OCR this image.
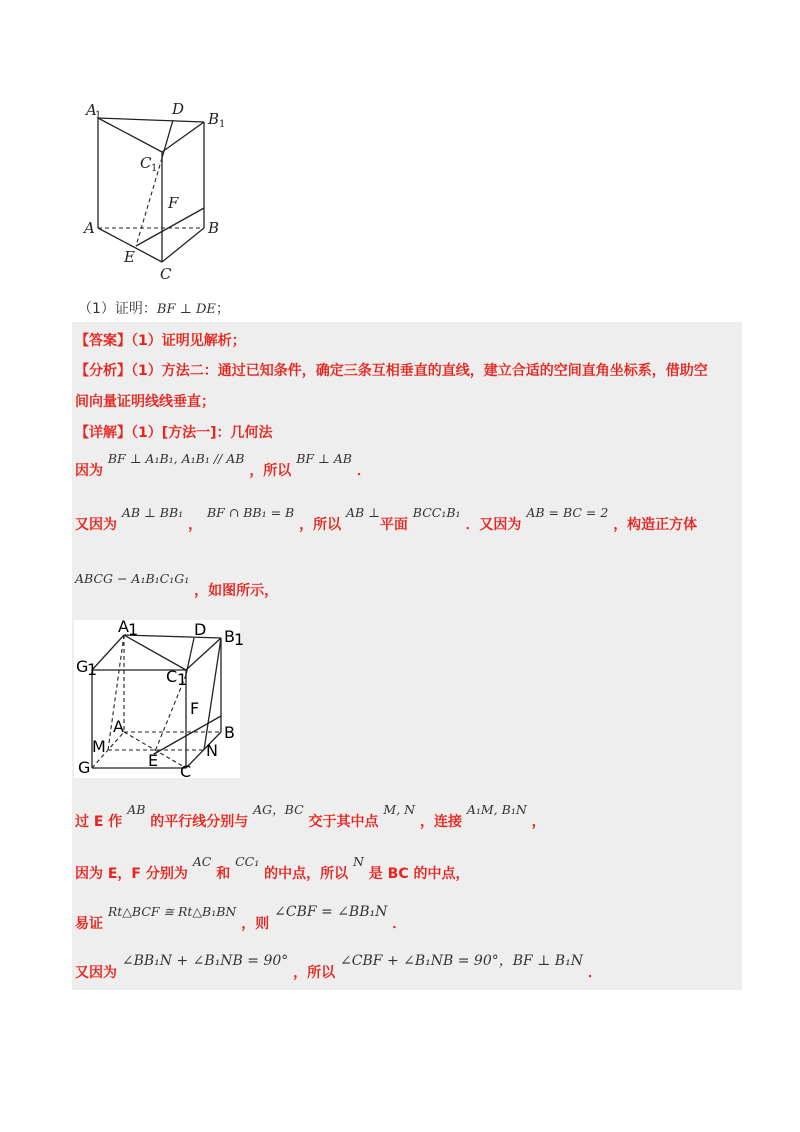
A
1	D
B 1
C 1
F
A	B
E
C
（1）证明：BF ⊥ DE；
【答案】（1）证明见解析；
【分析】（1）方法二：通过已知条件，确定三条互相垂直的直线，建立合适的空间直角坐标系，借助空
间向量证明线线垂直；
【详解】（1）[方法一]：几何法
因为 BF ⊥ A₁B₁, A₁B₁ // AB ，所以 BF ⊥ AB ．
又因为 AB ⊥ BB₁ ， BF ∩ BB₁ = B ，所以 AB ⊥平面 BCC₁B₁ ．又因为 AB = BC = 2 ，构造正方体
ABCG − A₁B₁C₁G₁ ，如图所示，
A 1	D B 1
G
1	C 1
F
A	B
M	N
E
G	C
过 E 作 AB 的平行线分别与 AG，BC 交于其中点 M, N ，连接 A₁M, B₁N ，
因为 E，F 分别为 AC 和 CC₁ 的中点，所以 N 是 BC 的中点，
易证 Rt△BCF ≅ Rt△B₁BN ，则 ∠CBF = ∠BB₁N ．
又因为 ∠BB₁N + ∠B₁NB = 90° ，所以 ∠CBF + ∠B₁NB = 90°，BF ⊥ B₁N ．
